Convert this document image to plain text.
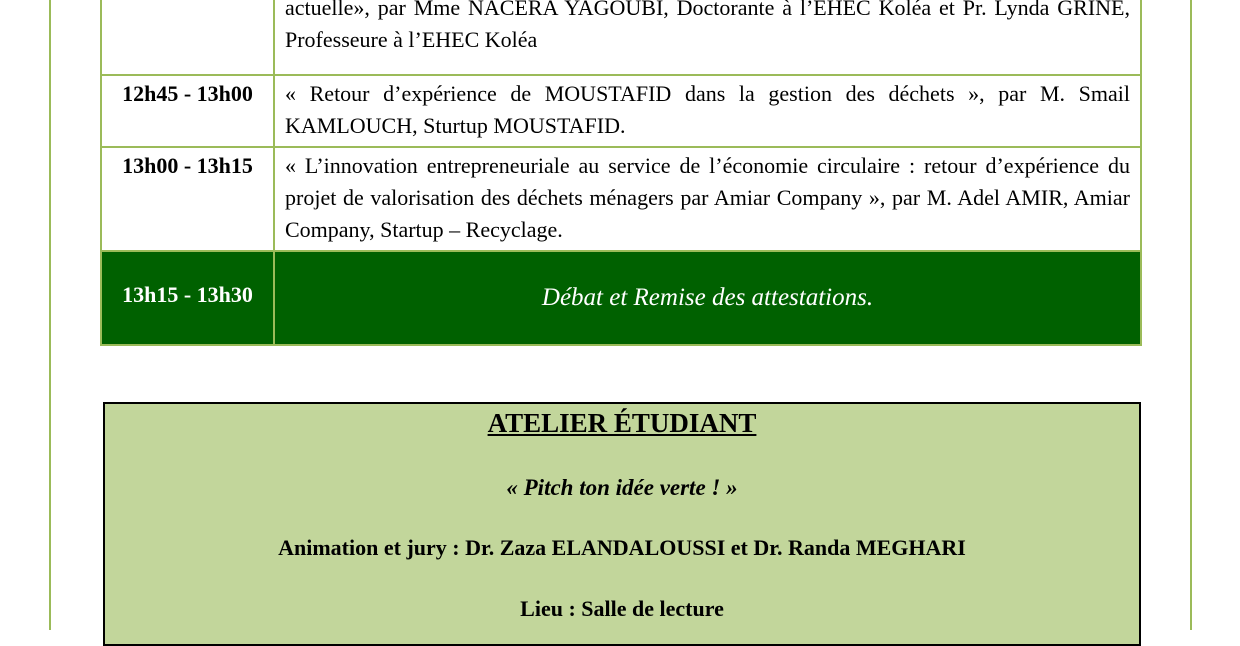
	actuelle», par Mme NACERA YAGOUBI, Doctorante à l’EHEC Koléa et Pr. Lynda GRINE, Professeure à l’EHEC Koléa
12h45 - 13h00	« Retour d’expérience de MOUSTAFID dans la gestion des déchets », par M. Smail KAMLOUCH, Sturtup MOUSTAFID.
13h00 - 13h15	« L’innovation entrepreneuriale au service de l’économie circulaire : retour d’expérience du projet de valorisation des déchets ménagers par Amiar Company », par M. Adel AMIR, Amiar Company, Startup – Recyclage.
13h15 - 13h30	Débat et Remise des attestations.
ATELIER ÉTUDIANT
« Pitch ton idée verte ! »
Animation et jury : Dr. Zaza ELANDALOUSSI et Dr. Randa MEGHARI
Lieu : Salle de lecture
